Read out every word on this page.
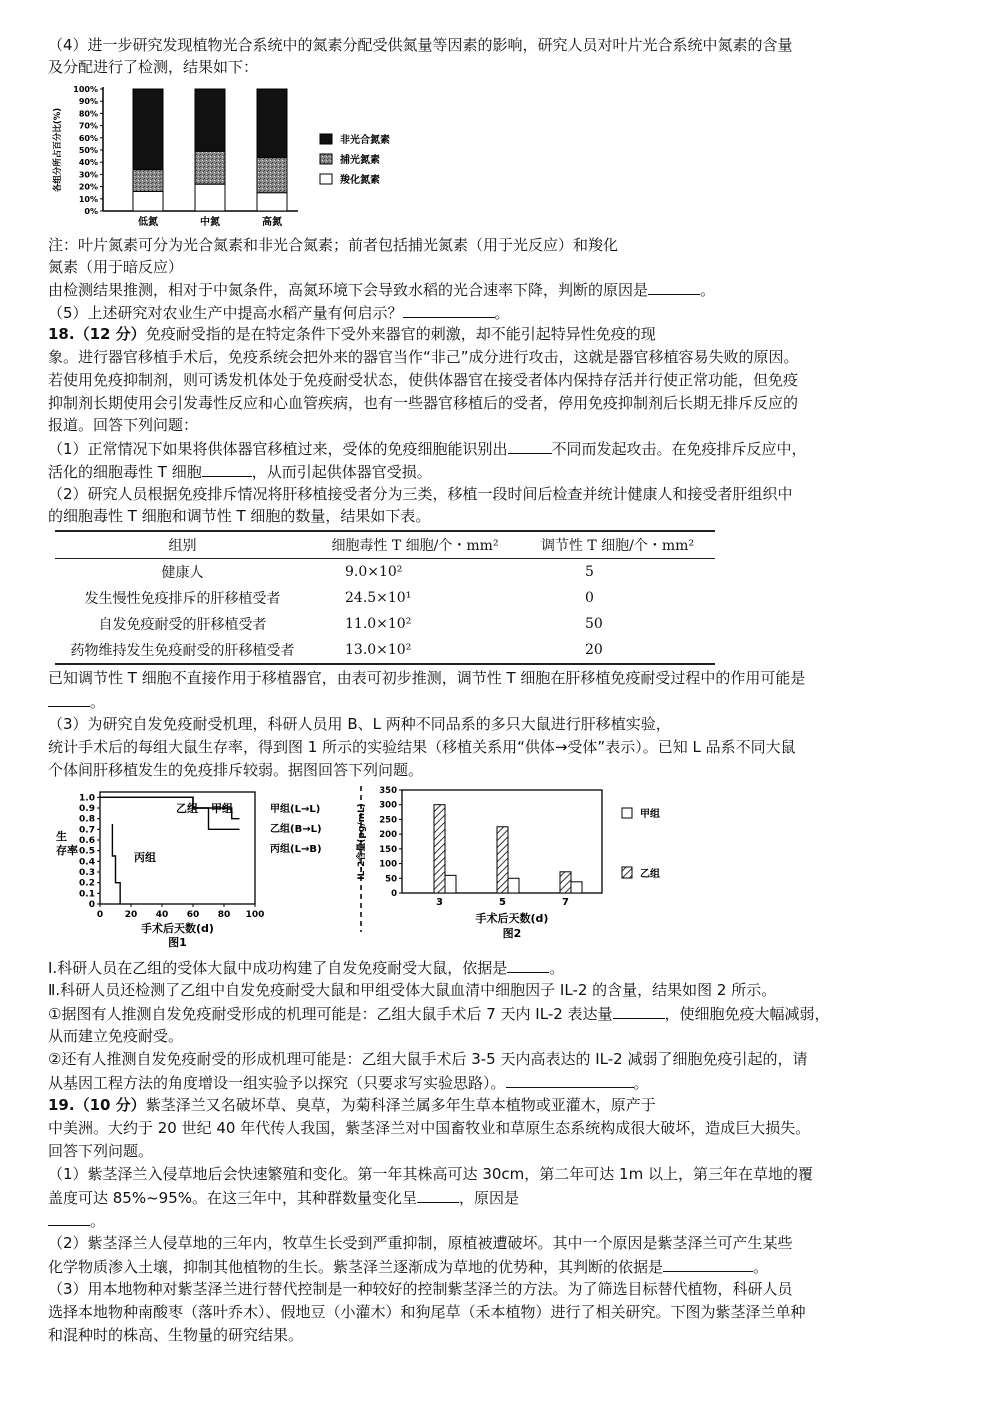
（4）进一步研究发现植物光合系统中的氮素分配受供氮量等因素的影响，研究人员对叶片光合系统中氮素的含量
及分配进行了检测，结果如下：
0%
10%
20%
30%
40%
50%
60%
70%
80%
90%
100%
各组分所占百分比(%)
低氮	中氮	高氮
非光合氮素
捕光氮素
羧化氮素
注：叶片氮素可分为光合氮素和非光合氮素；前者包括捕光氮素（用于光反应）和羧化
氮素（用于暗反应）
由检测结果推测，相对于中氮条件，高氮环境下会导致水稻的光合速率下降，判断的原因是	。
（5）上述研究对农业生产中提高水稻产量有何启示？	。
18.（12 分）免疫耐受指的是在特定条件下受外来器官的刺激，却不能引起特异性免疫的现
象。进行器官移植手术后，免疫系统会把外来的器官当作“非己”成分进行攻击，这就是器官移植容易失败的原因。
若使用免疫抑制剂，则可诱发机体处于免疫耐受状态，使供体器官在接受者体内保持存活并行使正常功能，但免疫
抑制剂长期使用会引发毒性反应和心血管疾病，也有一些器官移植后的受者，停用免疫抑制剂后长期无排斥反应的
报道。回答下列问题：
（1）正常情况下如果将供体器官移植过来，受体的免疫细胞能识别出	不同而发起攻击。在免疫排斥反应中，
活化的细胞毒性 T 细胞	，从而引起供体器官受损。
（2）研究人员根据免疫排斥情况将肝移植接受者分为三类，移植一段时间后检查并统计健康人和接受者肝组织中
的细胞毒性 T 细胞和调节性 T 细胞的数量，结果如下表。
组别	细胞毒性 T 细胞/个・mm²	调节性 T 细胞/个・mm²
健康人	9.0×10²	5
发生慢性免疫排斥的肝移植受者	24.5×10¹	0
自发免疫耐受的肝移植受者	11.0×10²	50
药物维持发生免疫耐受的肝移植受者	13.0×10²	20
已知调节性 T 细胞不直接作用于移植器官，由表可初步推测，调节性 T 细胞在肝移植免疫耐受过程中的作用可能是
。
（3）为研究自发免疫耐受机理，科研人员用 B、L 两种不同品系的多只大鼠进行肝移植实验，
统计手术后的每组大鼠生存率，得到图 1 所示的实验结果（移植关系用“供体→受体”表示）。已知 L 品系不同大鼠
个体间肝移植发生的免疫排斥较弱。据图回答下列问题。
0
0.1
0.2
0.3
0.4
0.5
0.6
0.7
0.8
0.9
1.0
0 20 40 60 80 100
生
存率
手术后天数(d)
图1
甲组
乙组
丙组
甲组(L→L)
乙组(B→L)
丙组(L→B)
0
50
100
150
200
250
300
350
IL-2含量(pg/mL)
3	5	7
手术后天数(d)
图2
甲组
乙组
Ⅰ.科研人员在乙组的受体大鼠中成功构建了自发免疫耐受大鼠，依据是	。
Ⅱ.科研人员还检测了乙组中自发免疫耐受大鼠和甲组受体大鼠血清中细胞因子 IL-2 的含量，结果如图 2 所示。
①据图有人推测自发免疫耐受形成的机理可能是：乙组大鼠手术后 7 天内 IL-2 表达量	，使细胞免疫大幅减弱，
从而建立免疫耐受。
②还有人推测自发免疫耐受的形成机理可能是：乙组大鼠手术后 3-5 天内高表达的 IL-2 减弱了细胞免疫引起的，请
从基因工程方法的角度增设一组实验予以探究（只要求写实验思路）。	。
19.（10 分）紫茎泽兰又名破坏草、臭草，为菊科泽兰属多年生草本植物或亚灌木，原产于
中美洲。大约于 20 世纪 40 年代传人我国，紫茎泽兰对中国畜牧业和草原生态系统构成很大破坏，造成巨大损失。
回答下列问题。
（1）紫茎泽兰入侵草地后会快速繁殖和变化。第一年其株高可达 30cm，第二年可达 1m 以上，第三年在草地的覆
盖度可达 85%~95%。在这三年中，其种群数量变化呈	，原因是
。
（2）紫茎泽兰人侵草地的三年内，牧草生长受到严重抑制，原植被遭破坏。其中一个原因是紫茎泽兰可产生某些
化学物质渗入土壤，抑制其他植物的生长。紫茎泽兰逐渐成为草地的优势种，其判断的依据是	。
（3）用本地物种对紫茎泽兰进行替代控制是一种较好的控制紫茎泽兰的方法。为了筛选目标替代植物，科研人员
选择本地物种南酸枣（落叶乔木）、假地豆（小灌木）和狗尾草（禾本植物）进行了相关研究。下图为紫茎泽兰单种
和混种时的株高、生物量的研究结果。
